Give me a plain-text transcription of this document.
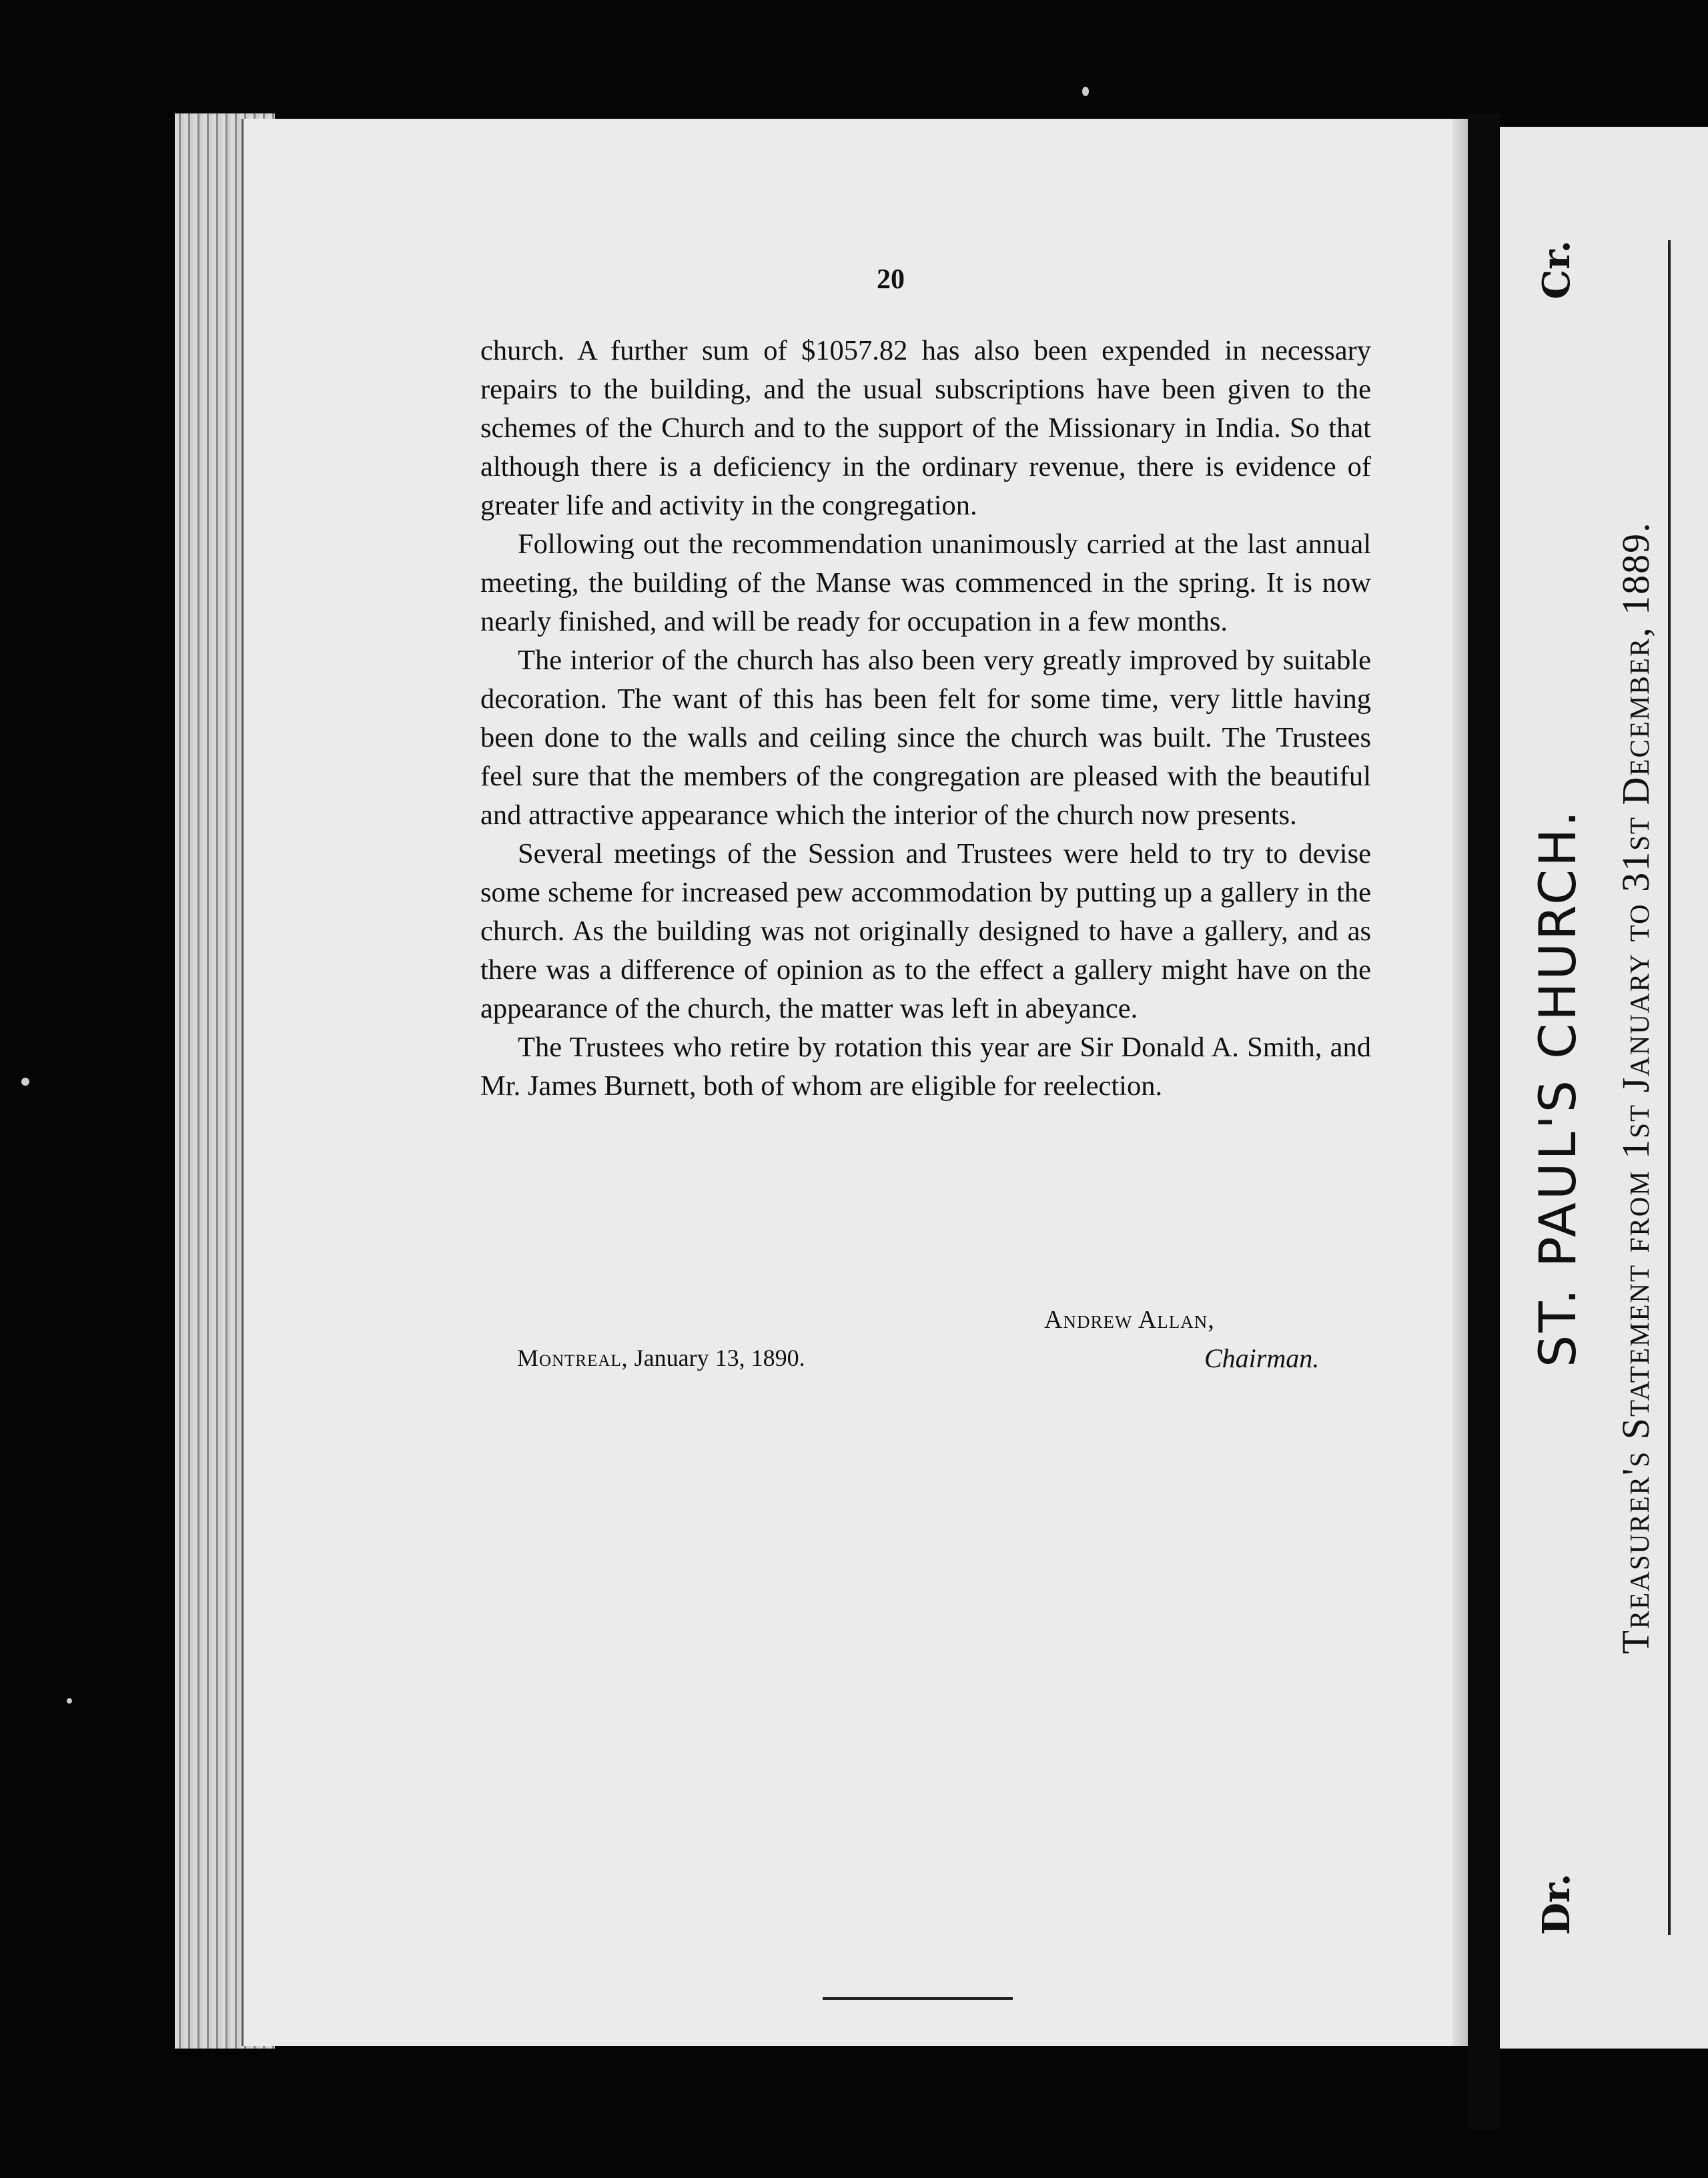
Dr.
ST. PAUL'S CHURCH.
Cr.
Treasurer's Statement from 1st January to 31st December, 1889.
20

church. A further sum of $1057.82 has also been expended in necessary repairs to the building, and the usual subscriptions have been given to the schemes of the Church and to the support of the Missionary in India. So that although there is a deficiency in the ordinary revenue, there is evidence of greater life and activity in the congregation.

Following out the recommendation unanimously carried at the last annual meeting, the building of the Manse was commenced in the spring. It is now nearly finished, and will be ready for occupation in a few months.

The interior of the church has also been very greatly improved by suitable decoration. The want of this has been felt for some time, very little having been done to the walls and ceiling since the church was built. The Trustees feel sure that the members of the congregation are pleased with the beautiful and attractive appearance which the interior of the church now presents.

Several meetings of the Session and Trustees were held to try to devise some scheme for increased pew accommodation by putting up a gallery in the church. As the building was not originally designed to have a gallery, and as there was a difference of opinion as to the effect a gallery might have on the appearance of the church, the matter was left in abeyance.

The Trustees who retire by rotation this year are Sir Donald A. Smith, and Mr. James Burnett, both of whom are eligible for reelection.

Andrew Allan,
Montreal, January 13, 1890.	Chairman.
